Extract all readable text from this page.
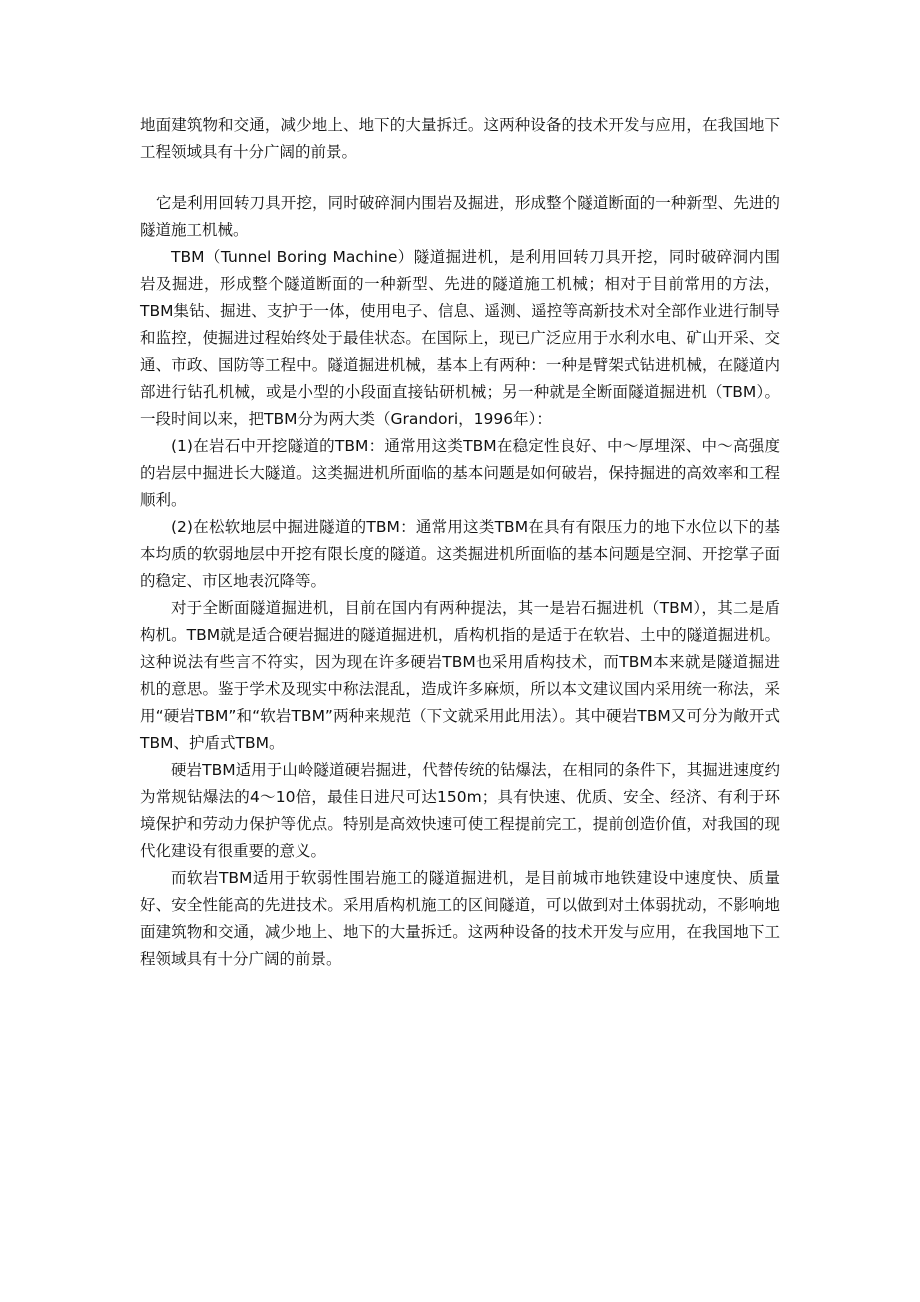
地面建筑物和交通，减少地上、地下的大量拆迁。这两种设备的技术开发与应用，在我国地下工程领域具有十分广阔的前景。

它是利用回转刀具开挖，同时破碎洞内围岩及掘进，形成整个隧道断面的一种新型、先进的隧道施工机械。

TBM（Tunnel Boring Machine）隧道掘进机，是利用回转刀具开挖，同时破碎洞内围岩及掘进，形成整个隧道断面的一种新型、先进的隧道施工机械；相对于目前常用的方法，TBM集钻、掘进、支护于一体，使用电子、信息、遥测、遥控等高新技术对全部作业进行制导和监控，使掘进过程始终处于最佳状态。在国际上，现已广泛应用于水利水电、矿山开采、交通、市政、国防等工程中。隧道掘进机械，基本上有两种：一种是臂架式钻进机械，在隧道内部进行钻孔机械，或是小型的小段面直接钻研机械；另一种就是全断面隧道掘进机（TBM）。一段时间以来，把TBM分为两大类（Grandori，1996年）：

(1)在岩石中开挖隧道的TBM：通常用这类TBM在稳定性良好、中～厚埋深、中～高强度的岩层中掘进长大隧道。这类掘进机所面临的基本问题是如何破岩，保持掘进的高效率和工程顺利。

(2)在松软地层中掘进隧道的TBM：通常用这类TBM在具有有限压力的地下水位以下的基本均质的软弱地层中开挖有限长度的隧道。这类掘进机所面临的基本问题是空洞、开挖掌子面的稳定、市区地表沉降等。

对于全断面隧道掘进机，目前在国内有两种提法，其一是岩石掘进机（TBM），其二是盾构机。TBM就是适合硬岩掘进的隧道掘进机，盾构机指的是适于在软岩、土中的隧道掘进机。这种说法有些言不符实，因为现在许多硬岩TBM也采用盾构技术，而TBM本来就是隧道掘进机的意思。鉴于学术及现实中称法混乱，造成许多麻烦，所以本文建议国内采用统一称法，采用“硬岩TBM”和“软岩TBM”两种来规范（下文就采用此用法）。其中硬岩TBM又可分为敞开式TBM、护盾式TBM。

硬岩TBM适用于山岭隧道硬岩掘进，代替传统的钻爆法，在相同的条件下，其掘进速度约为常规钻爆法的4～10倍，最佳日进尺可达150m；具有快速、优质、安全、经济、有利于环境保护和劳动力保护等优点。特别是高效快速可使工程提前完工，提前创造价值，对我国的现代化建设有很重要的意义。

而软岩TBM适用于软弱性围岩施工的隧道掘进机，是目前城市地铁建设中速度快、质量好、安全性能高的先进技术。采用盾构机施工的区间隧道，可以做到对土体弱扰动，不影响地面建筑物和交通，减少地上、地下的大量拆迁。这两种设备的技术开发与应用，在我国地下工程领域具有十分广阔的前景。
